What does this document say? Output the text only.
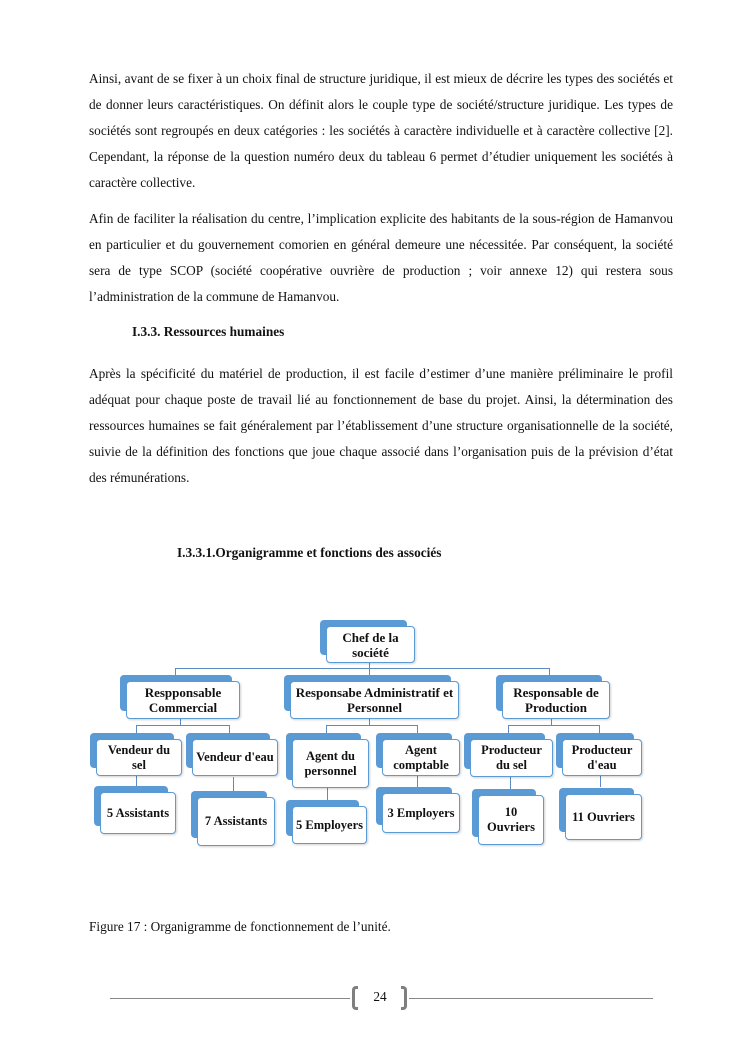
Ainsi, avant de se fixer à un choix final de structure juridique, il est mieux de décrire les types des sociétés et de donner leurs caractéristiques. On définit alors le couple type de société/structure juridique. Les types de sociétés sont regroupés en deux catégories : les sociétés à caractère individuelle et à caractère collective [2]. Cependant, la réponse de la question numéro deux du tableau 6 permet d’étudier uniquement les sociétés à caractère collective.

Afin de faciliter la réalisation du centre, l’implication explicite des habitants de la sous-région de Hamanvou en particulier et du gouvernement comorien en général demeure une nécessitée. Par conséquent, la société sera de type SCOP (société coopérative ouvrière de production ; voir annexe 12) qui restera sous l’administration de la commune de Hamanvou.

I.3.3. Ressources humaines

Après la spécificité du matériel de production, il est facile d’estimer d’une manière préliminaire le profil adéquat pour chaque poste de travail lié au fonctionnement de base du projet. Ainsi, la détermination des ressources humaines se fait généralement par l’établissement d’une structure organisationnelle de la société, suivie de la définition des fonctions que joue chaque associé dans l’organisation puis de la prévision d’état des rémunérations.

I.3.3.1.Organigramme et fonctions des associés

Chef de la société
Respponsable Commercial
Responsabe Administratif et Personnel
Responsable de Production
Vendeur du sel
Vendeur d'eau	Agent du personnel
Agent comptable
Producteur du sel
Producteur d'eau
5 Assistants
7 Assistants	5 Employers
3 Employers	10 Ouvriers
11 Ouvriers

Figure 17 : Organigramme de fonctionnement de l’unité.

24
